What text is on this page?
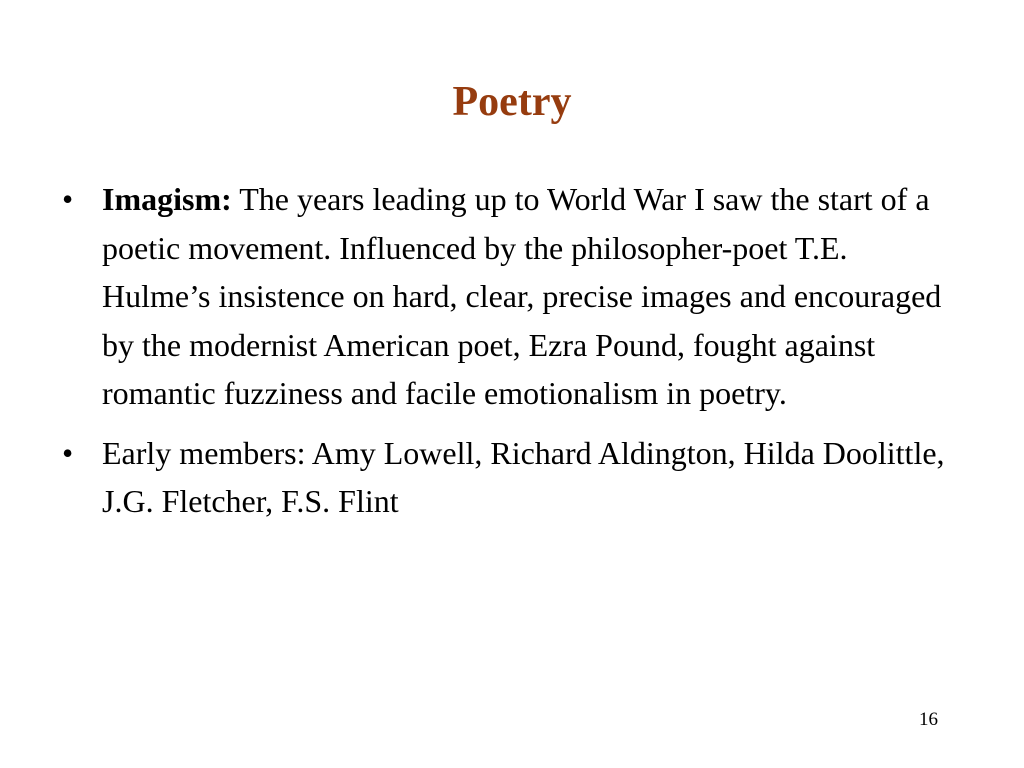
Poetry
• Imagism: The years leading up to World War I saw the start of a poetic movement. Influenced by the philosopher-poet T.E. Hulme’s insistence on hard, clear, precise images and encouraged by the modernist American poet, Ezra Pound, fought against romantic fuzziness and facile emotionalism in poetry.
• Early members: Amy Lowell, Richard Aldington, Hilda Doolittle, J.G. Fletcher, F.S. Flint
16
